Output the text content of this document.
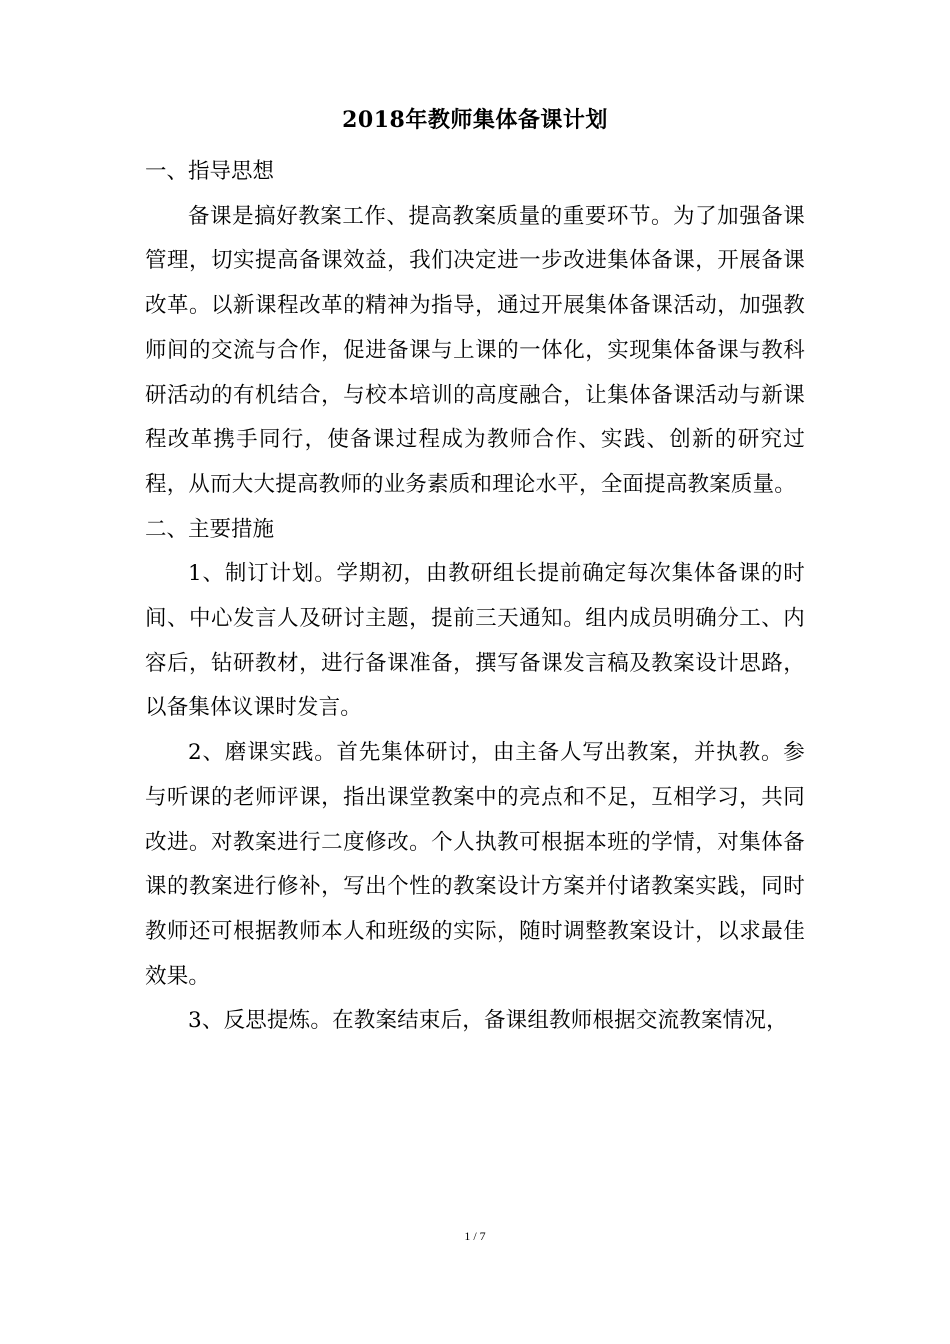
2018年教师集体备课计划

一、指导思想

备课是搞好教案工作、提高教案质量的重要环节。为了加强备课管理，切实提高备课效益，我们决定进一步改进集体备课，开展备课改革。以新课程改革的精神为指导，通过开展集体备课活动，加强教师间的交流与合作，促进备课与上课的一体化，实现集体备课与教科研活动的有机结合，与校本培训的高度融合，让集体备课活动与新课程改革携手同行，使备课过程成为教师合作、实践、创新的研究过程，从而大大提高教师的业务素质和理论水平，全面提高教案质量。

二、主要措施

1、制订计划。学期初，由教研组长提前确定每次集体备课的时间、中心发言人及研讨主题，提前三天通知。组内成员明确分工、内容后，钻研教材，进行备课准备，撰写备课发言稿及教案设计思路，以备集体议课时发言。

2、磨课实践。首先集体研讨，由主备人写出教案，并执教。参与听课的老师评课，指出课堂教案中的亮点和不足，互相学习，共同改进。对教案进行二度修改。个人执教可根据本班的学情，对集体备课的教案进行修补，写出个性的教案设计方案并付诸教案实践，同时教师还可根据教师本人和班级的实际，随时调整教案设计，以求最佳效果。

3、反思提炼。在教案结束后，备课组教师根据交流教案情况，

1 / 7
